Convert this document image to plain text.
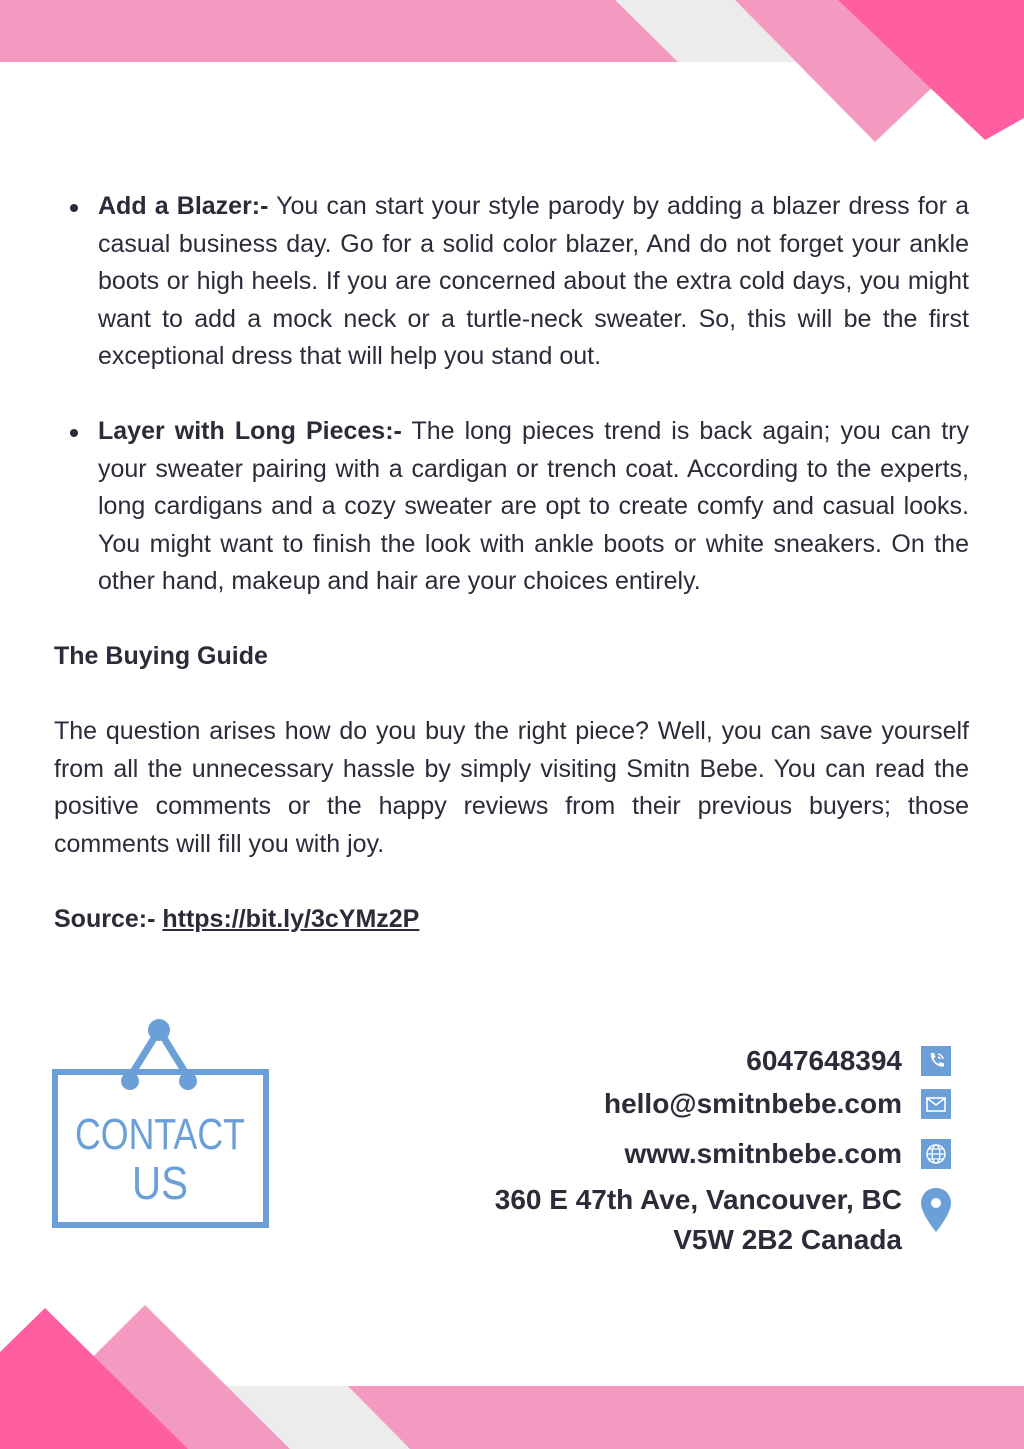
Add a Blazer:- You can start your style parody by adding a blazer dress for a casual business day. Go for a solid color blazer, And do not forget your ankle boots or high heels. If you are concerned about the extra cold days, you might want to add a mock neck or a turtle-neck sweater. So, this will be the first exceptional dress that will help you stand out.
Layer with Long Pieces:- The long pieces trend is back again; you can try your sweater pairing with a cardigan or trench coat. According to the experts, long cardigans and a cozy sweater are opt to create comfy and casual looks. You might want to finish the look with ankle boots or white sneakers. On the other hand, makeup and hair are your choices entirely.

The Buying Guide

The question arises how do you buy the right piece? Well, you can save yourself from all the unnecessary hassle by simply visiting Smitn Bebe. You can read the positive comments or the happy reviews from their previous buyers; those comments will fill you with joy.

Source:- https://bit.ly/3cYMz2P

CONTACT
US
6047648394
hello@smitnbebe.com
www.smitnbebe.com
360 E 47th Ave, Vancouver, BC
V5W 2B2 Canada
